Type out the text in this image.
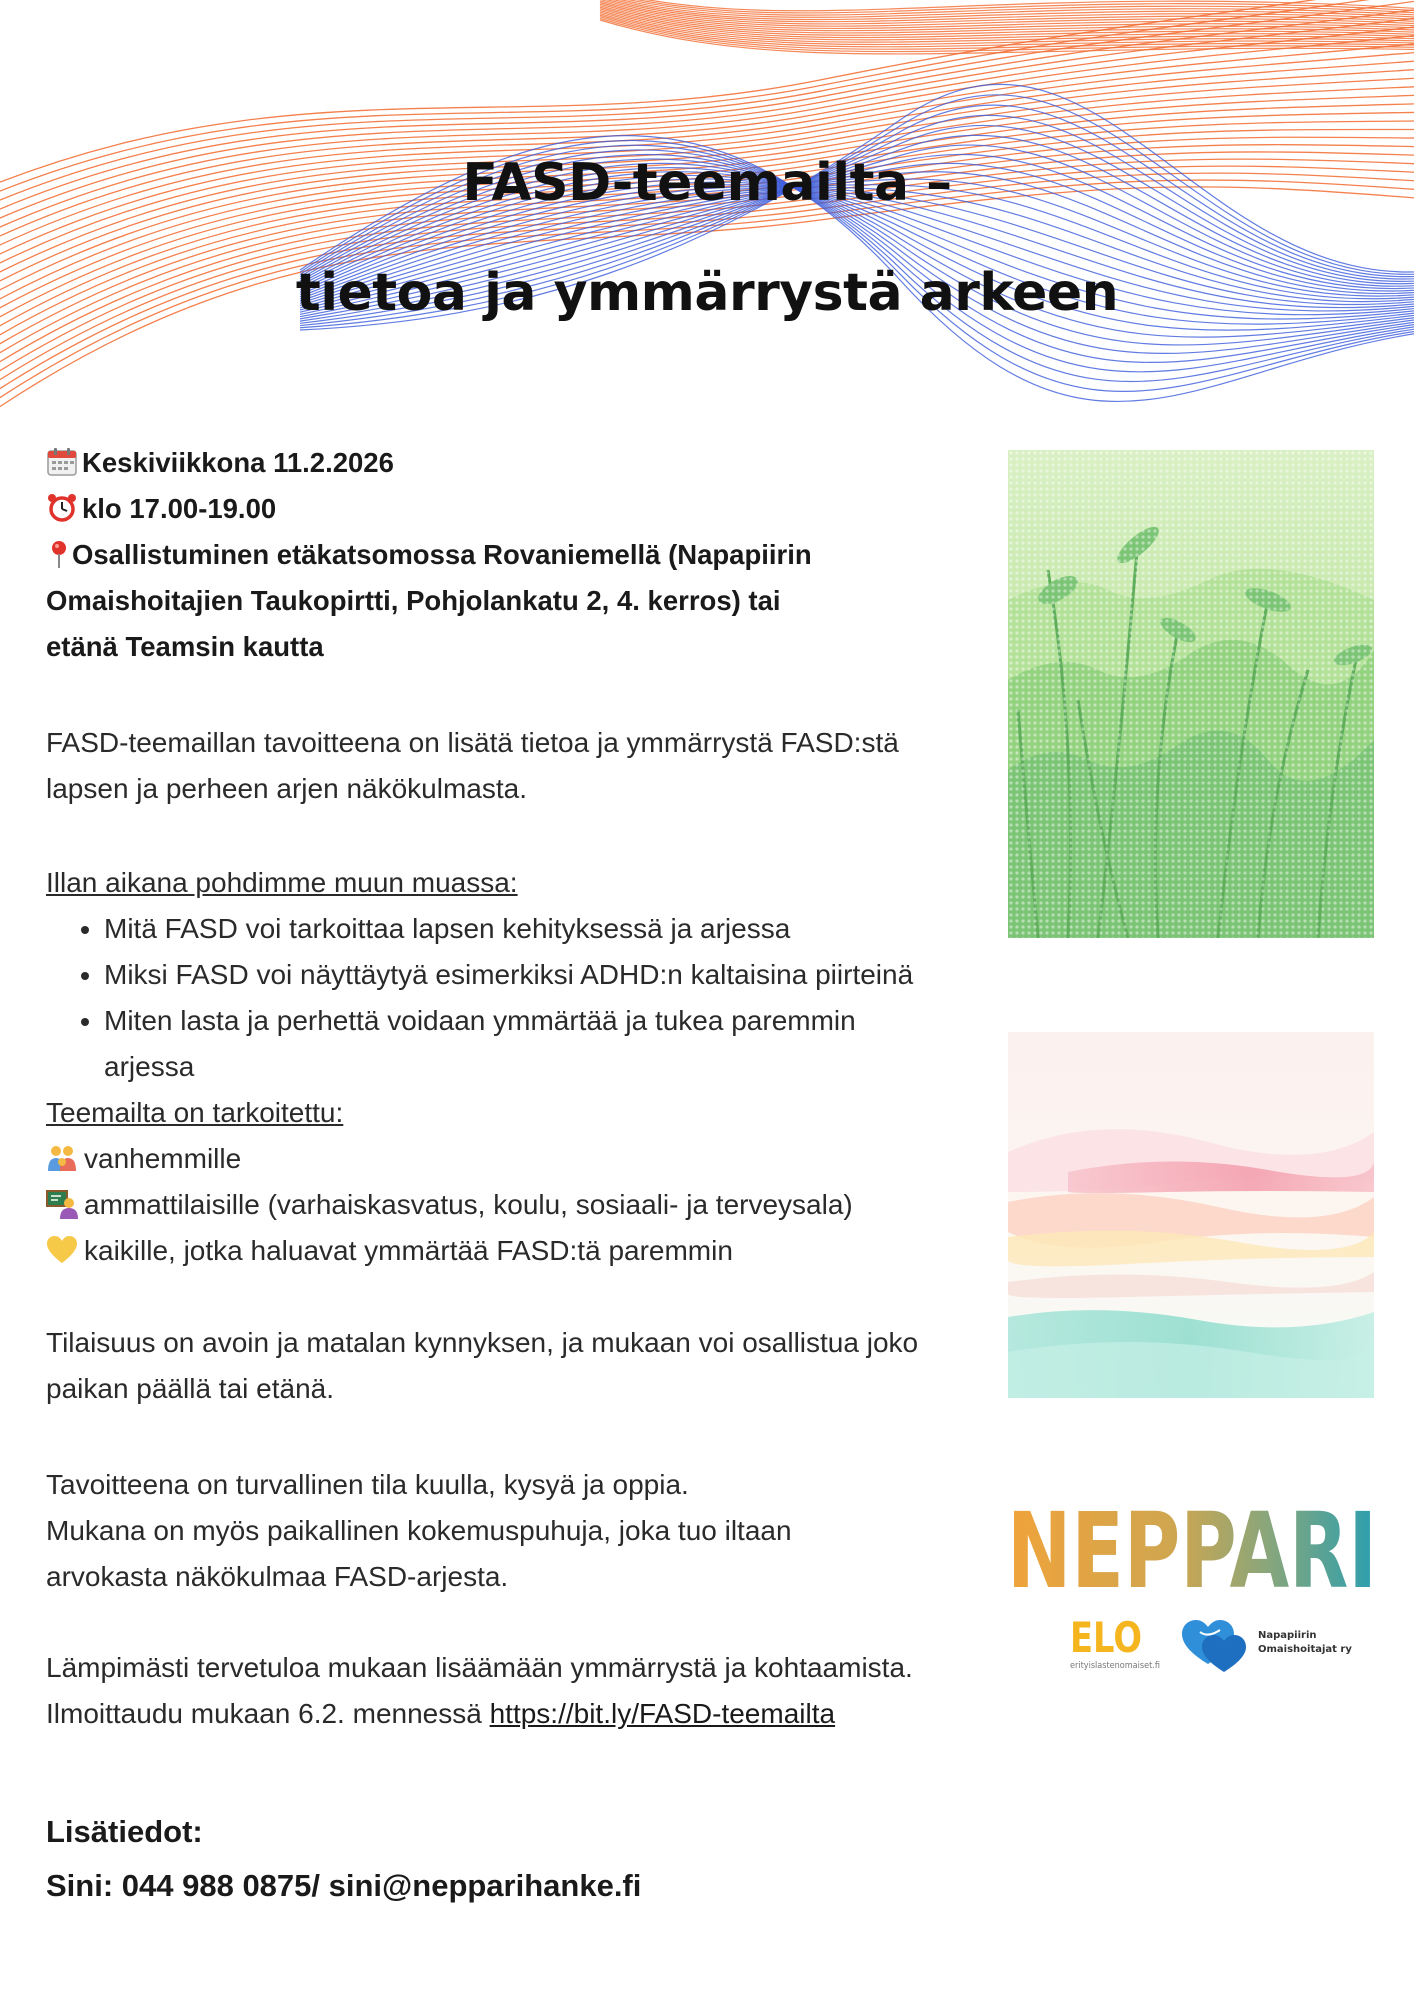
FASD-teemailta –
tietoa ja ymmärrystä arkeen
Keskiviikkona 11.2.2026
klo 17.00-19.00
Osallistuminen etäkatsomossa Rovaniemellä (Napapiirin
Omaishoitajien Taukopirtti, Pohjolankatu 2, 4. kerros) tai
etänä Teamsin kautta

FASD-teemaillan tavoitteena on lisätä tietoa ja ymmärrystä FASD:stä

lapsen ja perheen arjen näkökulmasta.

Illan aikana pohdimme muun muassa:

• Mitä FASD voi tarkoittaa lapsen kehityksessä ja arjessa
• Miksi FASD voi näyttäytyä esimerkiksi ADHD:n kaltaisina piirteinä
• Miten lasta ja perhettä voidaan ymmärtää ja tukea paremmin arjessa

Teemailta on tarkoitettu:

vanhemmille
ammattilaisille (varhaiskasvatus, koulu, sosiaali- ja terveysala)
kaikille, jotka haluavat ymmärtää FASD:tä paremmin

Tilaisuus on avoin ja matalan kynnyksen, ja mukaan voi osallistua joko

paikan päällä tai etänä.

Tavoitteena on turvallinen tila kuulla, kysyä ja oppia.

Mukana on myös paikallinen kokemuspuhuja, joka tuo iltaan

arvokasta näkökulmaa FASD-arjesta.

Lämpimästi tervetuloa mukaan lisäämään ymmärrystä ja kohtaamista.

Ilmoittaudu mukaan 6.2. mennessä https://bit.ly/FASD-teemailta

Lisätiedot:
Sini: 044 988 0875/ sini@nepparihanke.fi
NEPPARI
ELO
erityislastenomaiset.fi
Napapiirin
Omaishoitajat ry
